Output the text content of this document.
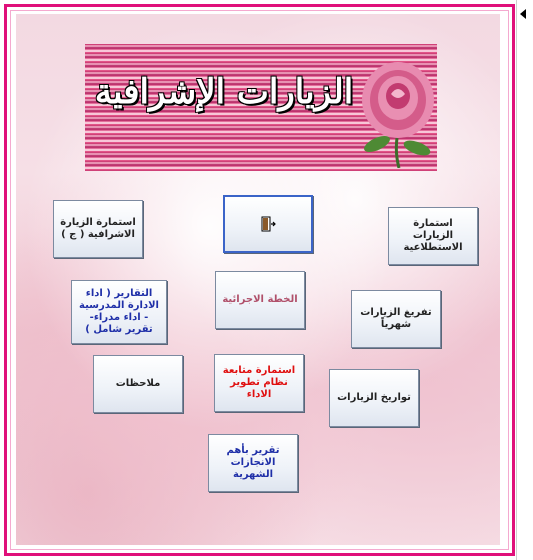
الزيارات الإشرافية
استمارة الزيارة الاشرافية ( ج )
استمارة الزيارات الاستطلاعية
التقارير ( اداء الادارة المدرسية - اداء مدراء- تقرير شامل )
الخطة الاجرائية
تفريغ الزيارات شهرياً
ملاحظات
استمارة متابعة نظام تطوير الاداء	تواريخ الزيارات
تقرير بأهم الانجازات الشهرية
